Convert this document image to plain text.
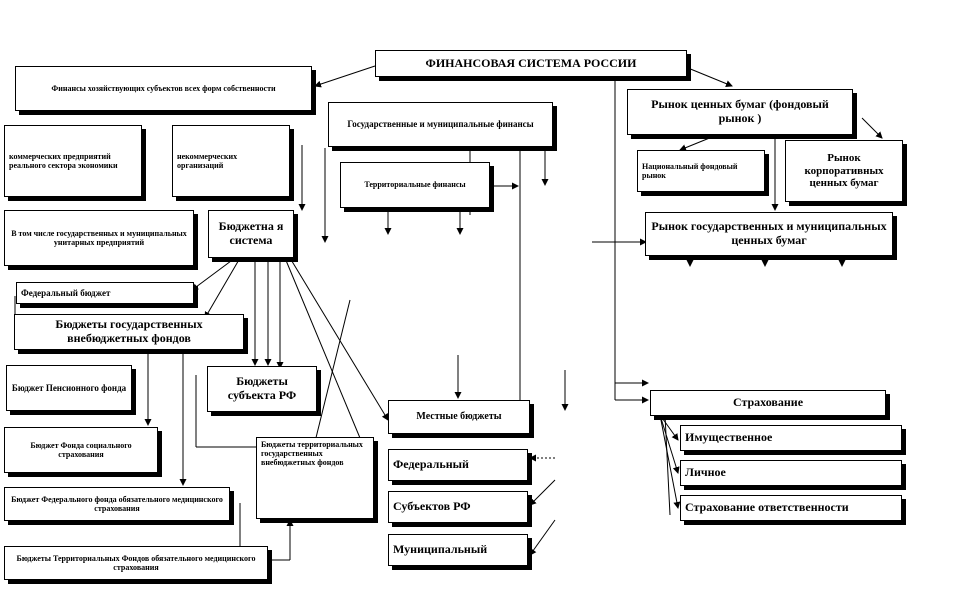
ФИНАНСОВАЯ СИСТЕМА РОССИИ
Финансы хозяйствующих субъектов всех форм собственности
коммерческих предприятий реального сектора экономики
некоммерческих организаций
В том числе государственных и муниципальных унитарных предприятий
Государственные и муниципальные финансы
Территориальные финансы
Бюджетна я система
Федеральный бюджет
Бюджеты государственных внебюджетных фондов
Бюджет Пенсионного фонда
Бюджет Фонда социального страхования
Бюджет Федерального фонда обязательного медицинского страхования
Бюджеты Территориальных Фондов обязательного медицинского страхования
Бюджеты субъекта РФ
Бюджеты территориальных государственных внебюджетных фондов
Местные бюджеты
Федеральный
Субъектов РФ
Муниципальный
Рынок ценных бумаг (фондовый рынок )
Национальный фондовый рынок
Рынок корпоративных ценных бумаг
Рынок государственных и муниципальных ценных бумаг
Страхование
Имущественное
Личное
Страхование ответственности
